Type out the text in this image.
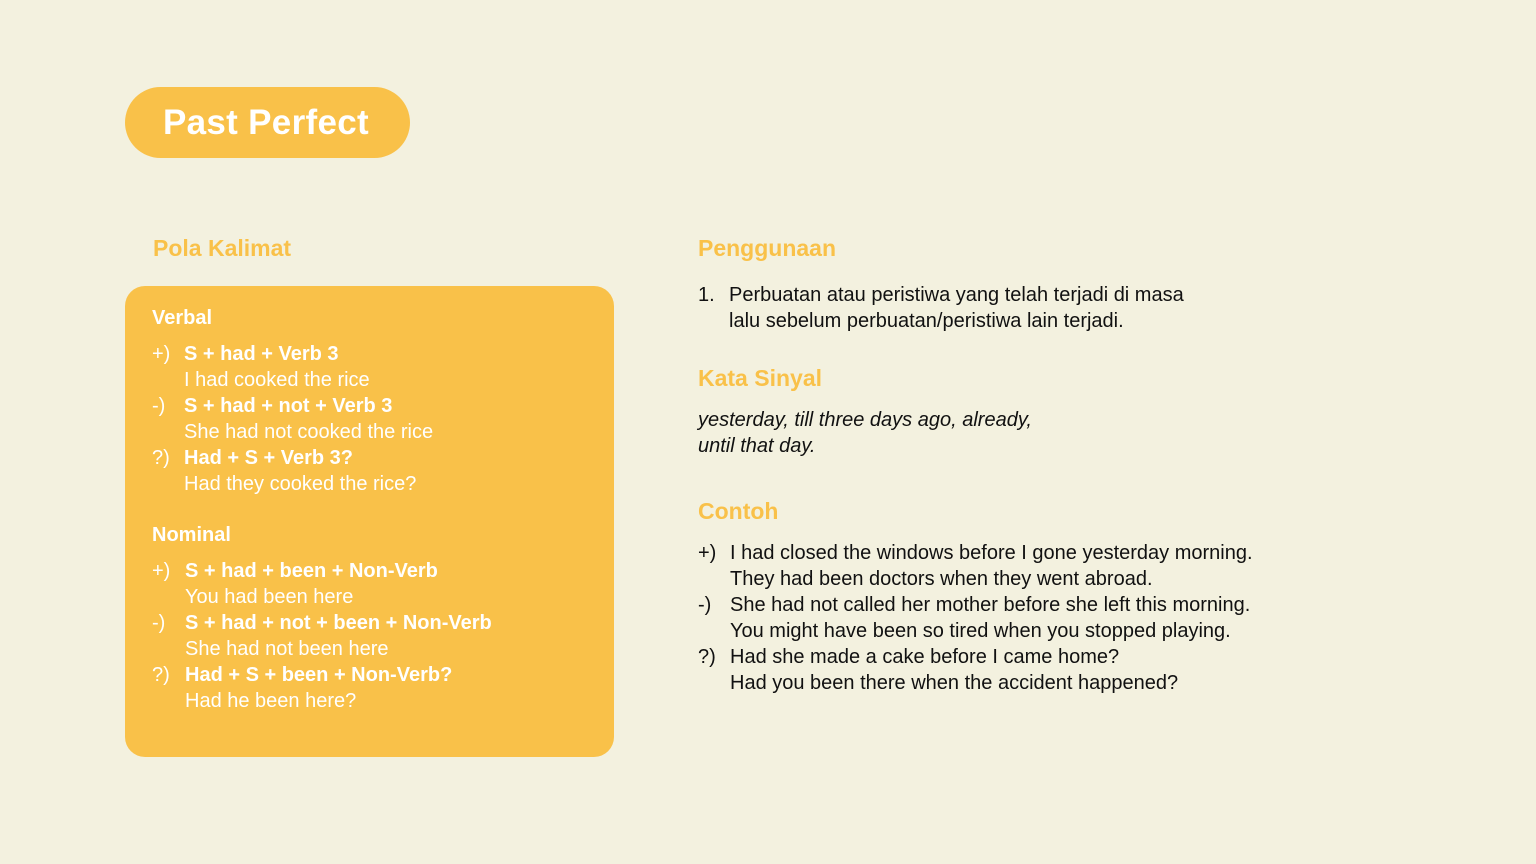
Past Perfect
Pola Kalimat
Verbal
+) S + had + Verb 3
I had cooked the rice
-) S + had + not + Verb 3
She had not cooked the rice
?) Had + S + Verb 3?
Had they cooked the rice?
Nominal
+) S + had + been + Non-Verb
You had been here
-) S + had + not + been + Non-Verb
She had not been here
?) Had + S + been + Non-Verb?
Had he been here?
Penggunaan
1. Perbuatan atau peristiwa yang telah terjadi di masa
lalu sebelum perbuatan/peristiwa lain terjadi.
Kata Sinyal
yesterday, till three days ago, already,
until that day.
Contoh
+) I had closed the windows before I gone yesterday morning.
They had been doctors when they went abroad.
-) She had not called her mother before she left this morning.
You might have been so tired when you stopped playing.
?) Had she made a cake before I came home?
Had you been there when the accident happened?
